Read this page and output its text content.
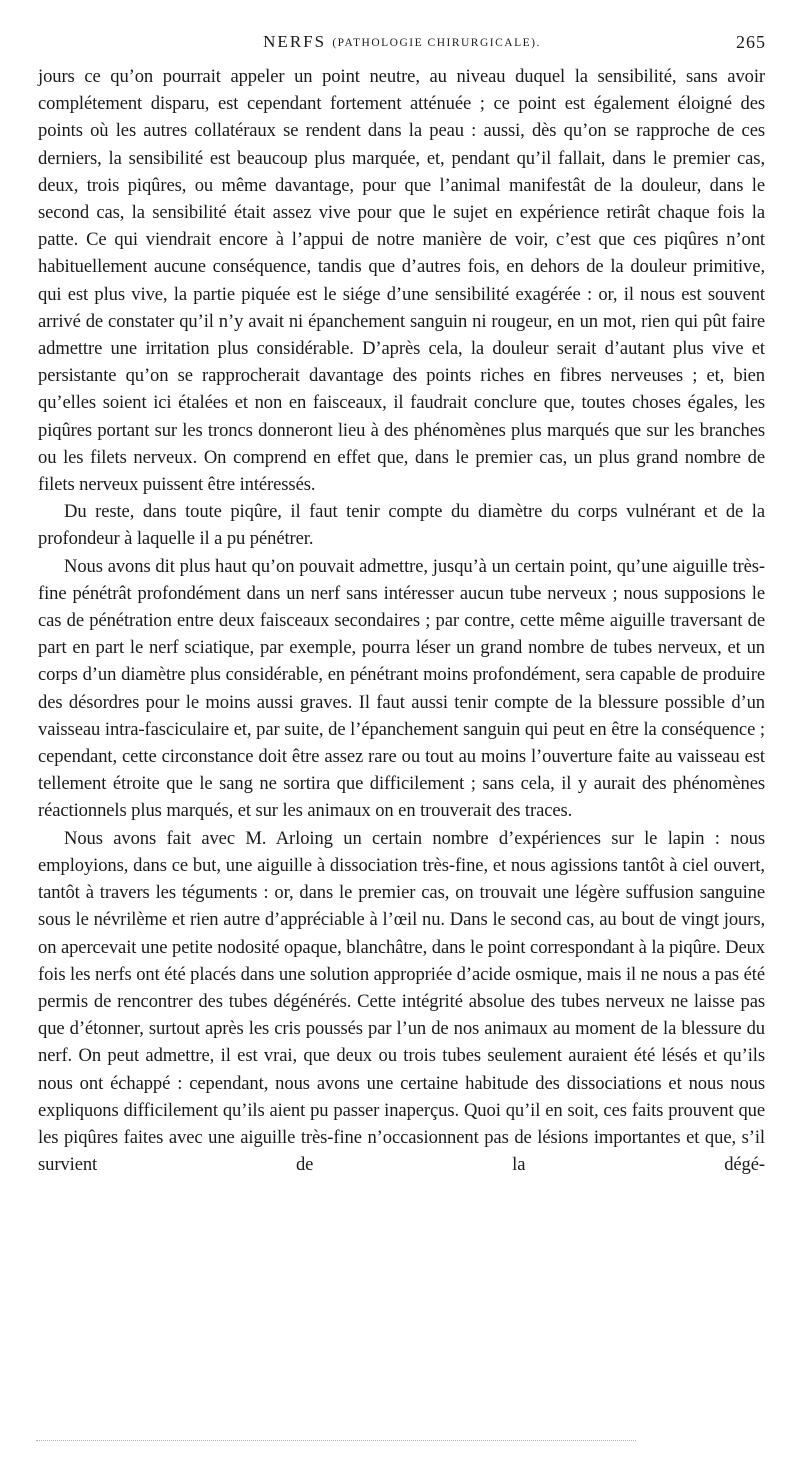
NERFS (PATHOLOGIE CHIRURGICALE).	265

jours ce qu’on pourrait appeler un point neutre, au niveau duquel la sensibilité, sans avoir complétement disparu, est cependant fortement atténuée ; ce point est également éloigné des points où les autres collatéraux se rendent dans la peau : aussi, dès qu’on se rapproche de ces derniers, la sensibilité est beaucoup plus marquée, et, pendant qu’il fallait, dans le premier cas, deux, trois piqûres, ou même davantage, pour que l’animal manifestât de la douleur, dans le second cas, la sensibilité était assez vive pour que le sujet en expérience retirât chaque fois la patte. Ce qui viendrait encore à l’appui de notre manière de voir, c’est que ces piqûres n’ont habituellement aucune conséquence, tandis que d’autres fois, en dehors de la douleur primitive, qui est plus vive, la partie piquée est le siége d’une sensibilité exagérée : or, il nous est souvent arrivé de constater qu’il n’y avait ni épanchement sanguin ni rougeur, en un mot, rien qui pût faire admettre une irritation plus considérable. D’après cela, la douleur serait d’autant plus vive et persistante qu’on se rapprocherait davantage des points riches en fibres nerveuses ; et, bien qu’elles soient ici étalées et non en faisceaux, il faudrait conclure que, toutes choses égales, les piqûres portant sur les troncs donneront lieu à des phénomènes plus marqués que sur les branches ou les filets nerveux. On comprend en effet que, dans le premier cas, un plus grand nombre de filets nerveux puissent être intéressés.

Du reste, dans toute piqûre, il faut tenir compte du diamètre du corps vulnérant et de la profondeur à laquelle il a pu pénétrer.

Nous avons dit plus haut qu’on pouvait admettre, jusqu’à un certain point, qu’une aiguille très-fine pénétrât profondément dans un nerf sans intéresser aucun tube nerveux ; nous supposions le cas de pénétration entre deux faisceaux secondaires ; par contre, cette même aiguille traversant de part en part le nerf sciatique, par exemple, pourra léser un grand nombre de tubes nerveux, et un corps d’un diamètre plus considérable, en pénétrant moins profondément, sera capable de produire des désordres pour le moins aussi graves. Il faut aussi tenir compte de la blessure possible d’un vaisseau intra-fasciculaire et, par suite, de l’épanchement sanguin qui peut en être la conséquence ; cependant, cette circonstance doit être assez rare ou tout au moins l’ouverture faite au vaisseau est tellement étroite que le sang ne sortira que difficilement ; sans cela, il y aurait des phénomènes réactionnels plus marqués, et sur les animaux on en trouverait des traces.

Nous avons fait avec M. Arloing un certain nombre d’expériences sur le lapin : nous employions, dans ce but, une aiguille à dissociation très-fine, et nous agissions tantôt à ciel ouvert, tantôt à travers les téguments : or, dans le premier cas, on trouvait une légère suffusion sanguine sous le névrilème et rien autre d’appréciable à l’œil nu. Dans le second cas, au bout de vingt jours, on apercevait une petite nodosité opaque, blanchâtre, dans le point correspondant à la piqûre. Deux fois les nerfs ont été placés dans une solution appropriée d’acide osmique, mais il ne nous a pas été permis de rencontrer des tubes dégénérés. Cette intégrité absolue des tubes nerveux ne laisse pas que d’étonner, surtout après les cris poussés par l’un de nos animaux au moment de la blessure du nerf. On peut admettre, il est vrai, que deux ou trois tubes seulement auraient été lésés et qu’ils nous ont échappé : cependant, nous avons une certaine habitude des dissociations et nous nous expliquons difficilement qu’ils aient pu passer inaperçus. Quoi qu’il en soit, ces faits prouvent que les piqûres faites avec une aiguille très-fine n’occasionnent pas de lésions importantes et que, s’il survient de la dégé-
